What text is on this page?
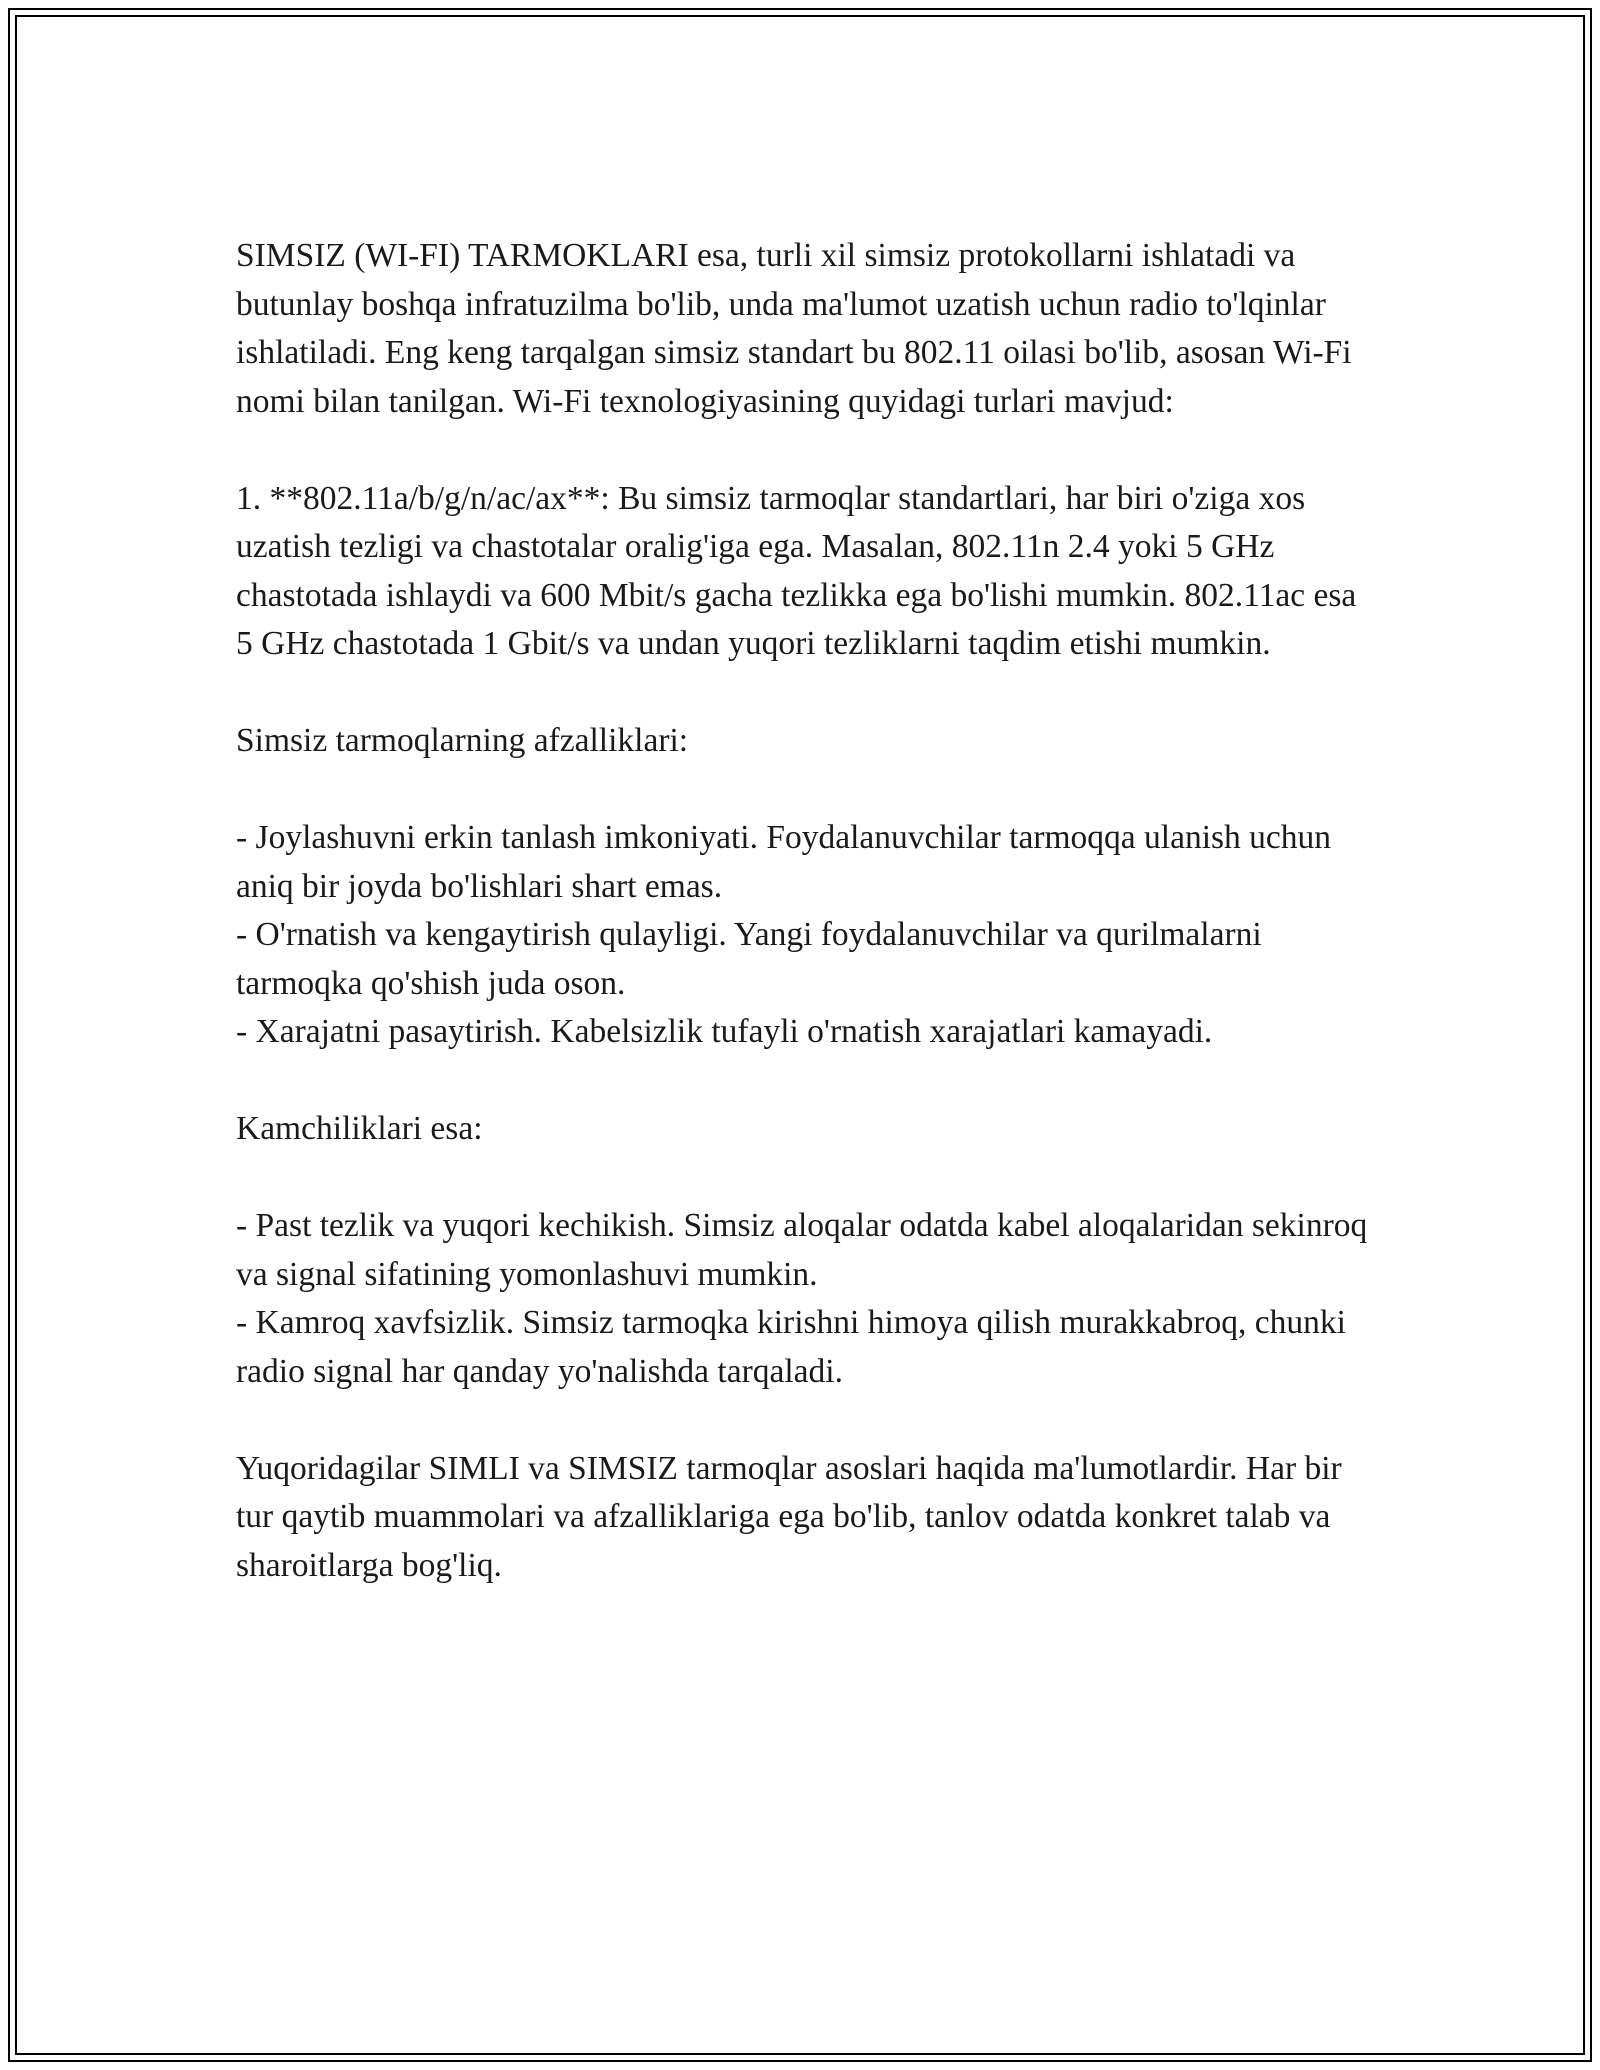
SIMSIZ (WI-FI) TARMOKLARI esa, turli xil simsiz protokollarni ishlatadi va butunlay boshqa infratuzilma bo'lib, unda ma'lumot uzatish uchun radio to'lqinlar ishlatiladi. Eng keng tarqalgan simsiz standart bu 802.11 oilasi bo'lib, asosan Wi-Fi nomi bilan tanilgan. Wi-Fi texnologiyasining quyidagi turlari mavjud:

1. **802.11a/b/g/n/ac/ax**: Bu simsiz tarmoqlar standartlari, har biri o'ziga xos uzatish tezligi va chastotalar oralig'iga ega. Masalan, 802.11n 2.4 yoki 5 GHz chastotada ishlaydi va 600 Mbit/s gacha tezlikka ega bo'lishi mumkin. 802.11ac esa 5 GHz chastotada 1 Gbit/s va undan yuqori tezliklarni taqdim etishi mumkin.

Simsiz tarmoqlarning afzalliklari:

- Joylashuvni erkin tanlash imkoniyati. Foydalanuvchilar tarmoqqa ulanish uchun aniq bir joyda bo'lishlari shart emas.
- O'rnatish va kengaytirish qulayligi. Yangi foydalanuvchilar va qurilmalarni tarmoqka qo'shish juda oson.
- Xarajatni pasaytirish. Kabelsizlik tufayli o'rnatish xarajatlari kamayadi.

Kamchiliklari esa:

- Past tezlik va yuqori kechikish. Simsiz aloqalar odatda kabel aloqalaridan sekinroq va signal sifatining yomonlashuvi mumkin.
- Kamroq xavfsizlik. Simsiz tarmoqka kirishni himoya qilish murakkabroq, chunki radio signal har qanday yo'nalishda tarqaladi.

Yuqoridagilar SIMLI va SIMSIZ tarmoqlar asoslari haqida ma'lumotlardir. Har bir tur qaytib muammolari va afzalliklariga ega bo'lib, tanlov odatda konkret talab va sharoitlarga bog'liq.
